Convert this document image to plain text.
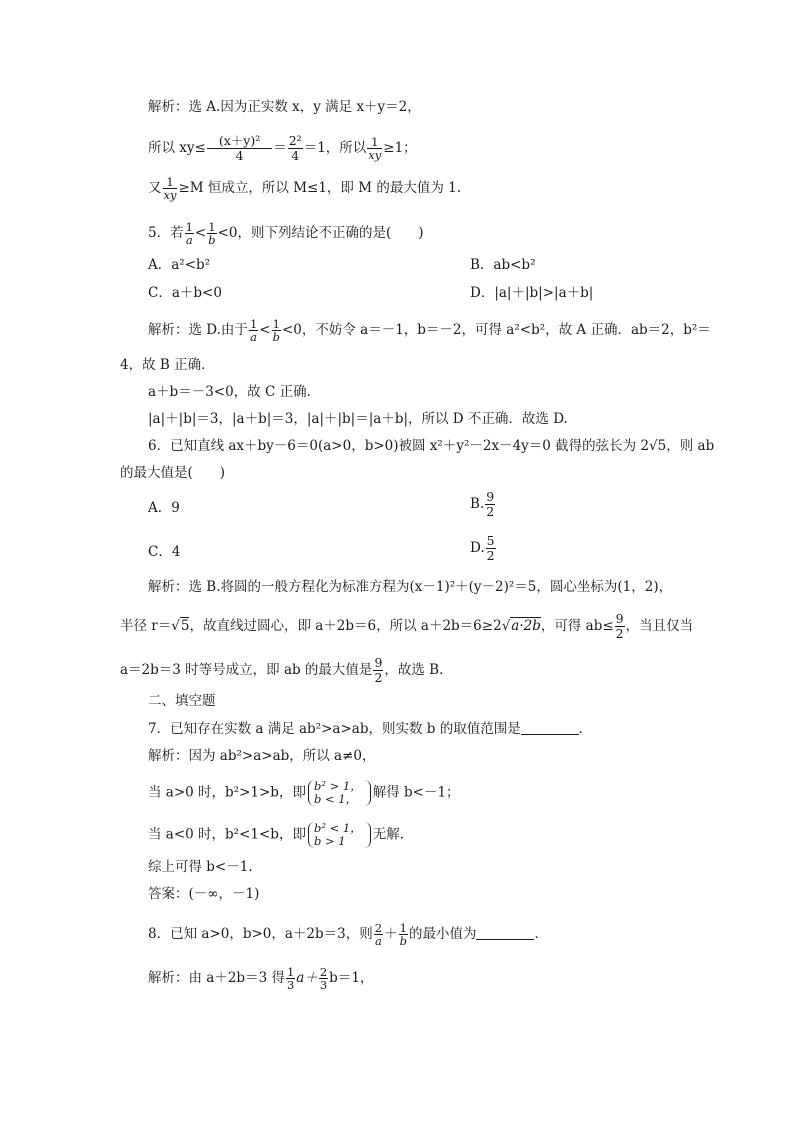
解析：选 A.因为正实数 x，y 满足 x＋y＝2，
所以 $xy\le \frac{\text{(x＋y)²}}{4} = \frac{\text{2²}}{4} =1$，所以 $\frac{1}{xy} \ge 1$；
又 $\frac{1}{xy} \ge M$ 恒成立，所以 M≤1，即 M 的最大值为 1.
5．若 $\frac{1}{a} < \frac{1}{b} <0$，则下列结论不正确的是(　　)
A．a²<b²	B．ab<b²
C．a＋b<0	D．|a|＋|b|>|a＋b|
解析：选 D.由于 $\frac{1}{a} < \frac{1}{b} <0$，不妨令 a＝－1，b＝－2，可得 a²<b²，故 A 正确．ab＝2，b²＝
4，故 B 正确．
a＋b＝－3<0，故 C 正确．
|a|＋|b|＝3，|a＋b|＝3，|a|＋|b|＝|a＋b|，所以 D 不正确．故选 D.
6．已知直线 ax＋by－6＝0(a>0，b>0)被圆 x²＋y²－2x－4y＝0 截得的弦长为 2√5，则 ab
的最大值是(　　)
A．9	B. $\frac{9}{2}$
C．4	D. $\frac{5}{2}$
解析：选 B.将圆的一般方程化为标准方程为(x－1)²＋(y－2)²＝5，圆心坐标为(1，2)，
半径 r＝√5，故直线过圆心，即 a＋2b＝6，所以 a＋2b＝6≥2√a·2b，可得 $ab\le \frac{9}{2}$ ，当且仅当
a＝2b＝3 时等号成立，即 ab 的最大值是 $\frac{9}{2}$ ，故选 B.
二、填空题
7．已知存在实数 a 满足 ab²>a>ab，则实数 b 的取值范围是	．
解析：因为 ab²>a>ab，所以 a≠0，
当 a>0 时，b²>1>b，即 b² > 1，
b < 1，	解得 b<－1；
当 a<0 时，b²<1<b，即 b² < 1，
b > 1	无解．
综上可得 b<－1.
答案：(－∞，－1)
8．已知 a>0，b>0，a＋2b＝3，则 $\frac{2}{a} + \frac{1}{b}$ 的最小值为	．
解析：由 a＋2b＝3 得 $\frac{1}{3} a+ \frac{2}{3} b=1$，
